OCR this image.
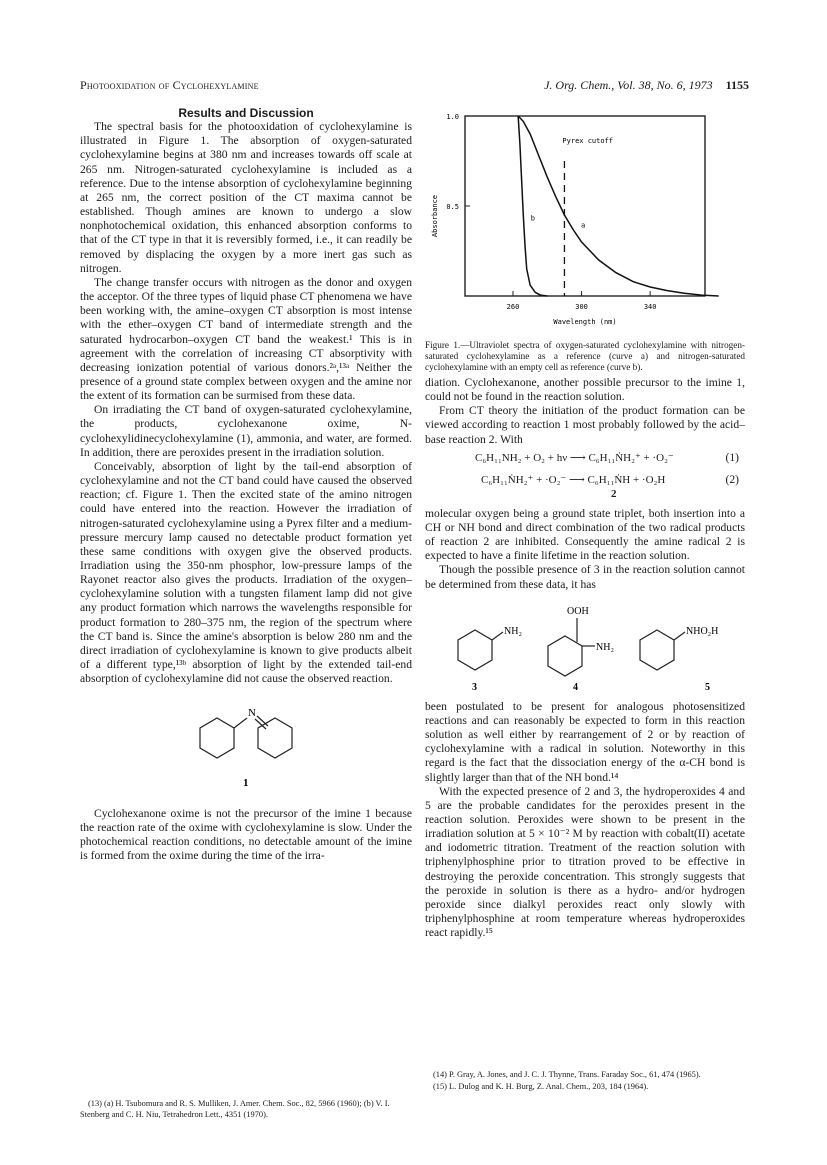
Photooxidation of Cyclohexylamine	J. Org. Chem., Vol. 38, No. 6, 1973 1155

Results and Discussion

The spectral basis for the photooxidation of cyclohexylamine is illustrated in Figure 1. The absorption of oxygen-saturated cyclohexylamine begins at 380 nm and increases towards off scale at 265 nm. Nitrogen-saturated cyclohexylamine is included as a reference. Due to the intense absorption of cyclohexylamine beginning at 265 nm, the correct position of the CT maxima cannot be established. Though amines are known to undergo a slow nonphotochemical oxidation, this enhanced absorption conforms to that of the CT type in that it is reversibly formed, i.e., it can readily be removed by displacing the oxygen by a more inert gas such as nitrogen.

The change transfer occurs with nitrogen as the donor and oxygen the acceptor. Of the three types of liquid phase CT phenomena we have been working with, the amine–oxygen CT absorption is most intense with the ether–oxygen CT band of intermediate strength and the saturated hydrocarbon–oxygen CT band the weakest.¹ This is in agreement with the correlation of increasing CT absorptivity with decreasing ionization potential of various donors.²ᵃ,¹³ᵃ Neither the presence of a ground state complex between oxygen and the amine nor the extent of its formation can be surmised from these data.

On irradiating the CT band of oxygen-saturated cyclohexylamine, the products, cyclohexanone oxime, N-cyclohexylidinecyclohexylamine (1), ammonia, and water, are formed. In addition, there are peroxides present in the irradiation solution.

Conceivably, absorption of light by the tail-end absorption of cyclohexylamine and not the CT band could have caused the observed reaction; cf. Figure 1. Then the excited state of the amino nitrogen could have entered into the reaction. However the irradiation of nitrogen-saturated cyclohexylamine using a Pyrex filter and a medium-pressure mercury lamp caused no detectable product formation yet these same conditions with oxygen give the observed products. Irradiation using the 350-nm phosphor, low-pressure lamps of the Rayonet reactor also gives the products. Irradiation of the oxygen–cyclohexylamine solution with a tungsten filament lamp did not give any product formation which narrows the wavelengths responsible for product formation to 280–375 nm, the region of the spectrum where the CT band is. Since the amine's absorption is below 280 nm and the direct irradiation of cyclohexylamine is known to give products albeit of a different type,¹³ᵇ absorption of light by the extended tail-end absorption of cyclohexylamine did not cause the observed reaction.

N
1

Cyclohexanone oxime is not the precursor of the imine 1 because the reaction rate of the oxime with cyclohexylamine is slow. Under the photochemical reaction conditions, no detectable amount of the imine is formed from the oxime during the time of the irra-

260	300	340
1.0
0.5
Wavelength (nm)
Absorbance	a
b
Pyrex cutoff
Figure 1.—Ultraviolet spectra of oxygen-saturated cyclohexylamine with nitrogen-saturated cyclohexylamine as a reference (curve a) and nitrogen-saturated cyclohexylamine with an empty cell as reference (curve b).

diation. Cyclohexanone, another possible precursor to the imine 1, could not be found in the reaction solution.

From CT theory the initiation of the product formation can be viewed according to reaction 1 most probably followed by the acid–base reaction 2. With

C₆H₁₁NH₂ + O₂ + hν ⟶ C₆H₁₁ṄH₂⁺ + ·O₂⁻	(1)
C₆H₁₁ṄH₂⁺ + ·O₂⁻ ⟶ C₆H₁₁ṄH + ·O₂H	(2)
2

molecular oxygen being a ground state triplet, both insertion into a CH or NH bond and direct combination of the two radical products of reaction 2 are inhibited. Consequently the amine radical 2 is expected to have a finite lifetime in the reaction solution.

Though the possible presence of 3 in the reaction solution cannot be determined from these data, it has

NH₂
3
OOH
NH₂
4
NHO₂H
5

been postulated to be present for analogous photosensitized reactions and can reasonably be expected to form in this reaction solution as well either by rearrangement of 2 or by reaction of cyclohexylamine with a radical in solution. Noteworthy in this regard is the fact that the dissociation energy of the α-CH bond is slightly larger than that of the NH bond.¹⁴

With the expected presence of 2 and 3, the hydroperoxides 4 and 5 are the probable candidates for the peroxides present in the reaction solution. Peroxides were shown to be present in the irradiation solution at 5 × 10⁻² M by reaction with cobalt(II) acetate and iodometric titration. Treatment of the reaction solution with triphenylphosphine prior to titration proved to be effective in destroying the peroxide concentration. This strongly suggests that the peroxide in solution is there as a hydro- and/or hydrogen peroxide since dialkyl peroxides react only slowly with triphenylphosphine at room temperature whereas hydroperoxides react rapidly.¹⁵

(13) (a) H. Tsubomura and R. S. Mulliken, J. Amer. Chem. Soc., 82, 5966 (1960); (b) V. I. Stenberg and C. H. Niu, Tetrahedron Lett., 4351 (1970).

(14) P. Gray, A. Jones, and J. C. J. Thynne, Trans. Faraday Soc., 61, 474 (1965).

(15) L. Dulog and K. H. Burg, Z. Anal. Chem., 203, 184 (1964).
